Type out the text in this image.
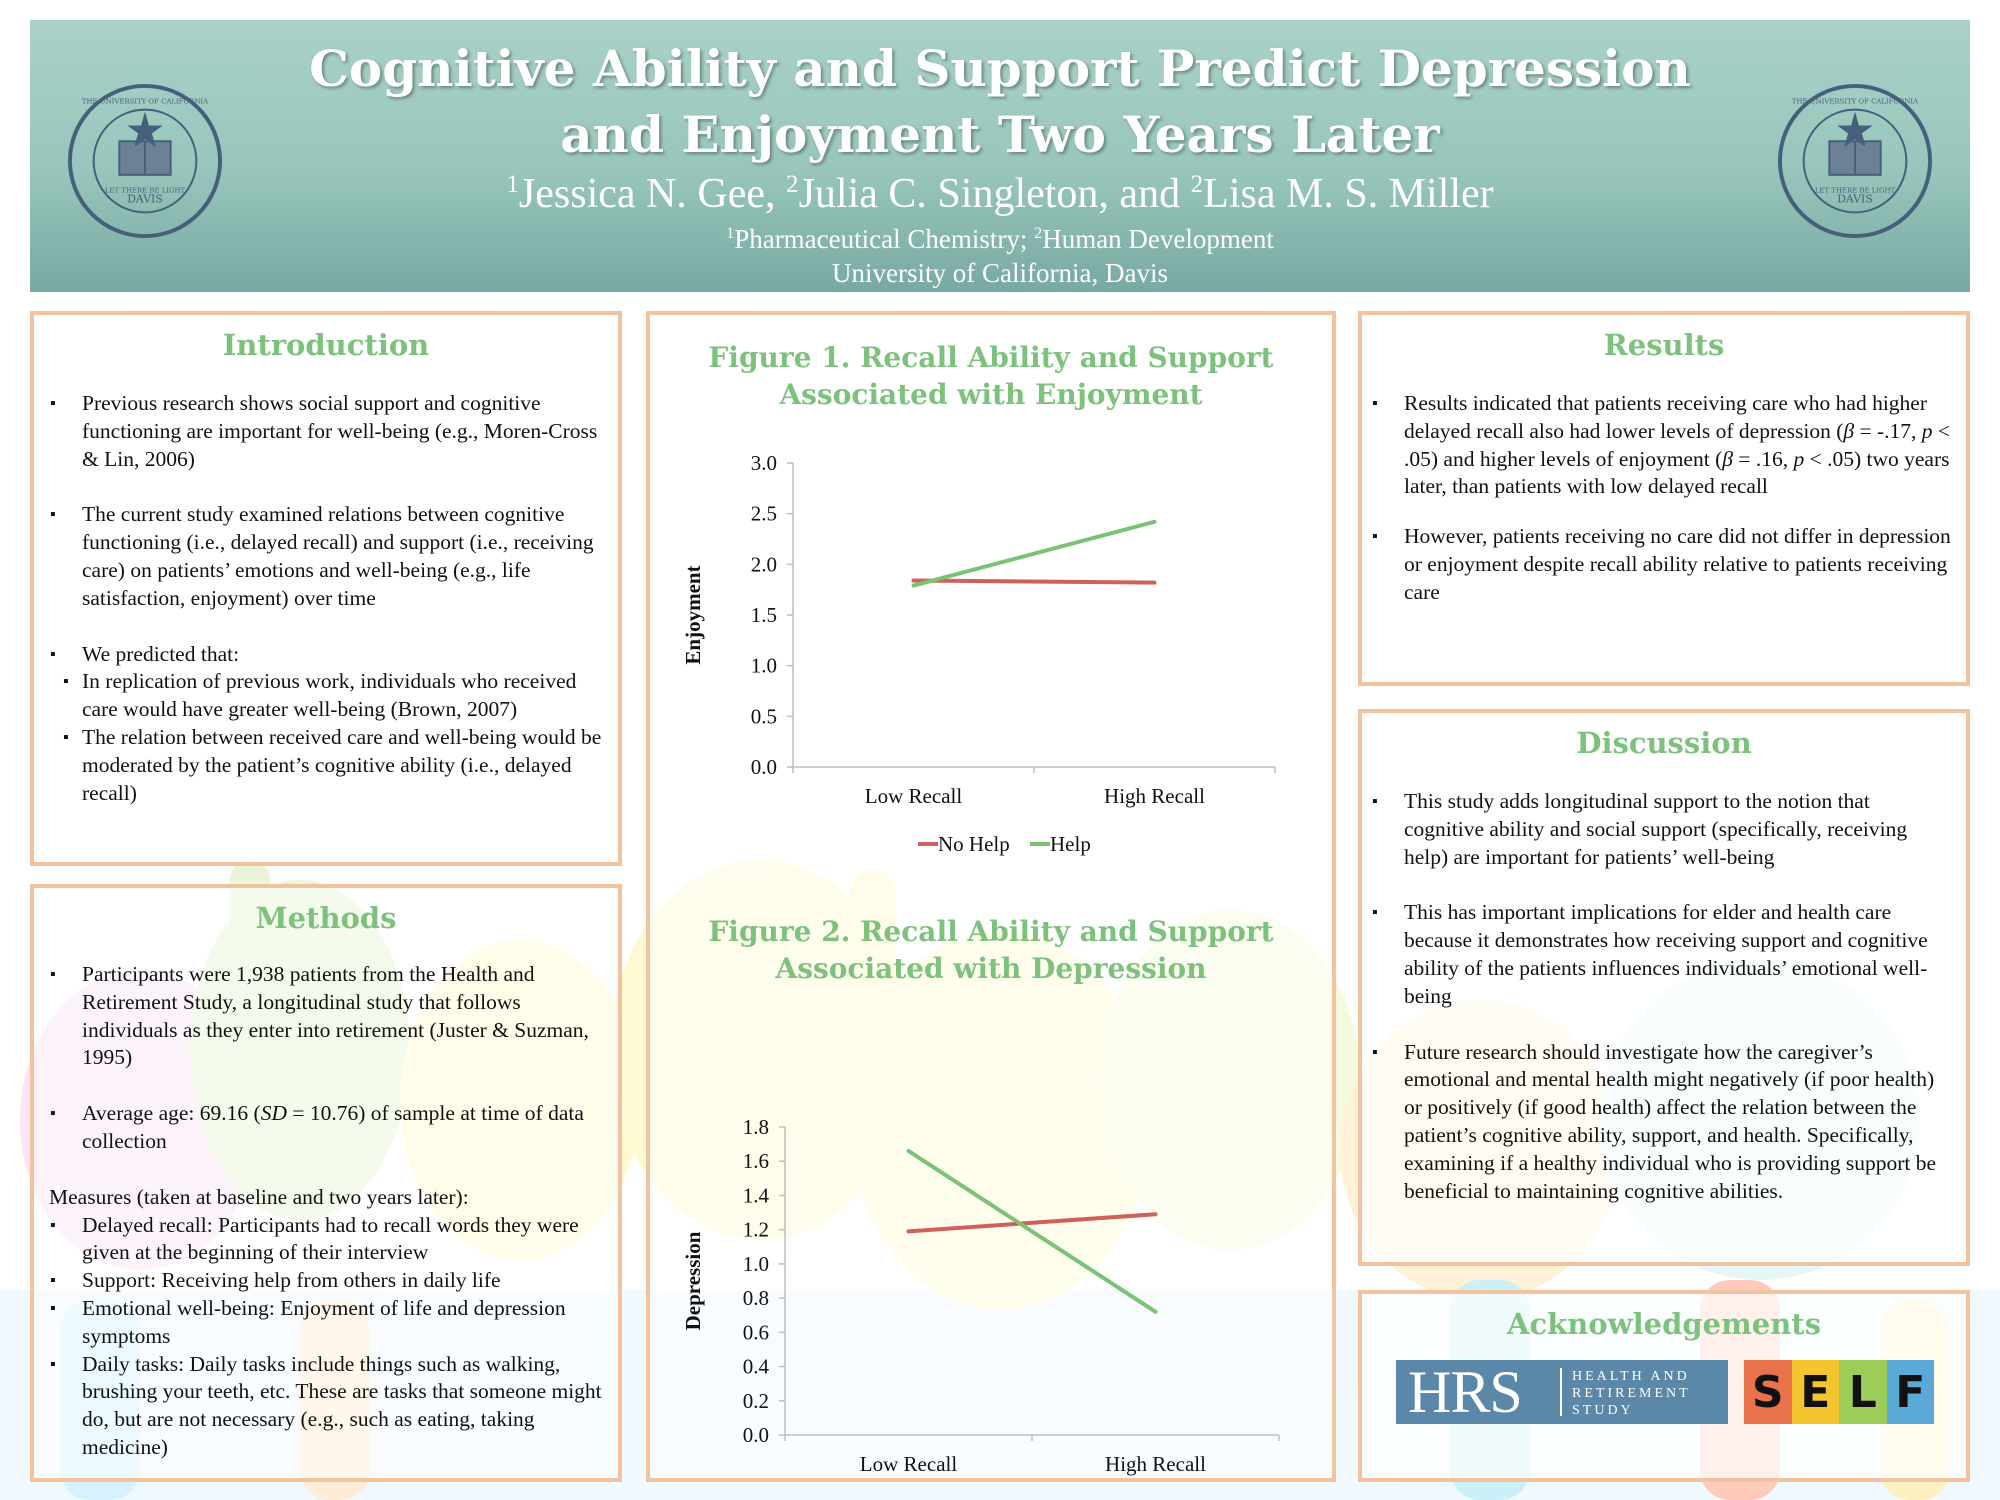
DAVIS
LET THERE BE LIGHT
THE UNIVERSITY OF CALIFORNIA
Cognitive Ability and Support Predict Depression and Enjoyment Two Years Later
$^1$Jessica N. Gee, $^2$Julia C. Singleton, and $^2$Lisa M. S. Miller
$^1$Pharmaceutical Chemistry; $^2$Human Development
University of California, Davis
DAVIS
LET THERE BE LIGHT
THE UNIVERSITY OF CALIFORNIA
Introduction
▪ Previous research shows social support and cognitive functioning are important for well-being (e.g., Moren-Cross & Lin, 2006)
▪ The current study examined relations between cognitive functioning (i.e., delayed recall) and support (i.e., receiving care) on patients’ emotions and well-being (e.g., life satisfaction, enjoyment) over time
▪ We predicted that:
▪ In replication of previous work, individuals who received care would have greater well-being (Brown, 2007)
▪ The relation between received care and well-being would be moderated by the patient’s cognitive ability (i.e., delayed recall)
Methods
▪ Participants were 1,938 patients from the Health and Retirement Study, a longitudinal study that follows individuals as they enter into retirement (Juster & Suzman, 1995)
▪ Average age: 69.16 (SD = 10.76) of sample at time of data collection
Measures (taken at baseline and two years later):
▪ Delayed recall: Participants had to recall words they were given at the beginning of their interview
▪ Support: Receiving help from others in daily life
▪ Emotional well-being: Enjoyment of life and depression symptoms
▪ Daily tasks: Daily tasks include things such as walking, brushing your teeth, etc. These are tasks that someone might do, but are not necessary (e.g., such as eating, taking medicine)
Figure 1. Recall Ability and Support Associated with Enjoyment
0.0
0.5
1.0
1.5
2.0
2.5
3.0
Low Recall	High Recall
Enjoyment
No Help Help
Figure 2. Recall Ability and Support Associated with Depression
0.0
0.2
0.4
0.6
0.8
1.0
1.2
1.4
1.6
1.8
Low Recall	High Recall
Depression
Results
▪ Results indicated that patients receiving care who had higher delayed recall also had lower levels of depression (β = -.17, p < .05) and higher levels of enjoyment (β = .16, p < .05) two years later, than patients with low delayed recall
▪ However, patients receiving no care did not differ in depression or enjoyment despite recall ability relative to patients receiving care
Discussion
▪ This study adds longitudinal support to the notion that cognitive ability and social support (specifically, receiving help) are important for patients’ well-being
▪ This has important implications for elder and health care because it demonstrates how receiving support and cognitive ability of the patients influences individuals’ emotional well-being
▪ Future research should investigate how the caregiver’s emotional and mental health might negatively (if poor health) or positively (if good health) affect the relation between the patient’s cognitive ability, support, and health. Specifically, examining if a healthy individual who is providing support be beneficial to maintaining cognitive abilities.
Acknowledgements
HRS	HEALTH AND
RETIREMENT
STUDY	S E L F
